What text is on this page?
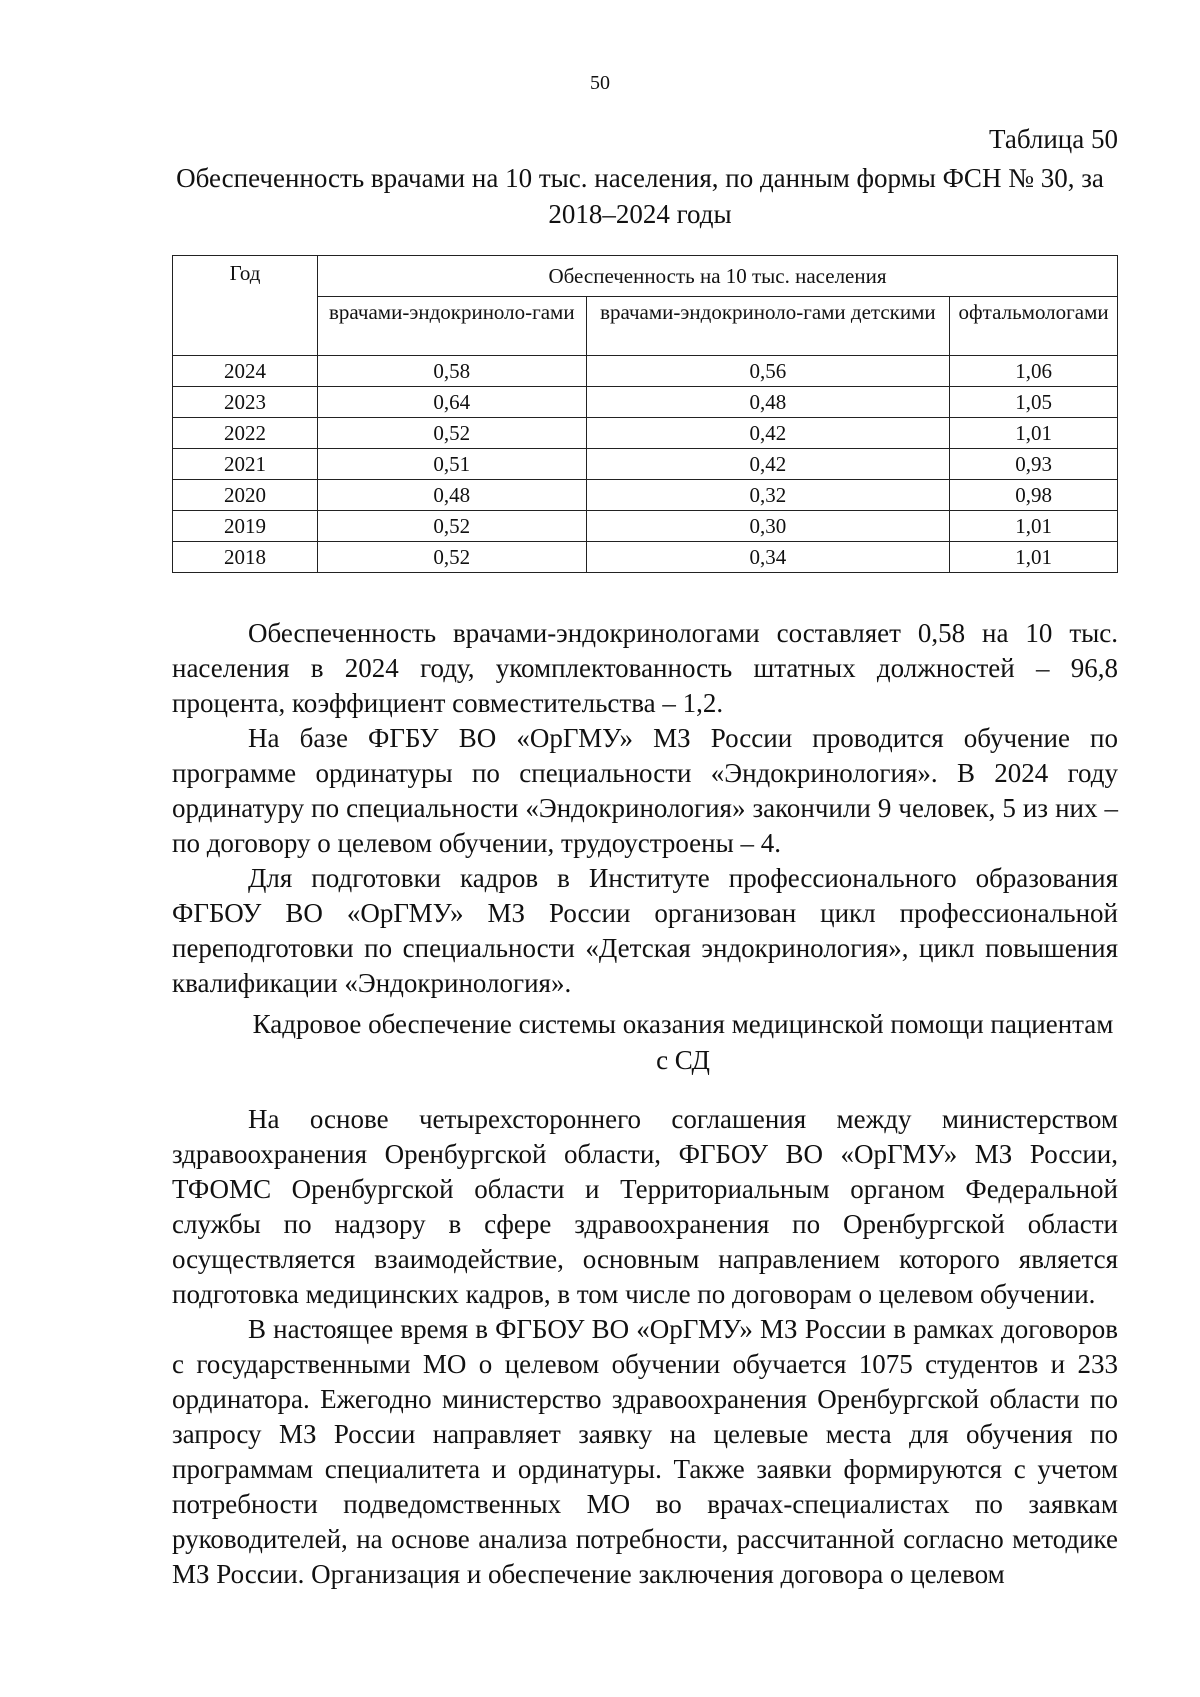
50
Таблица 50
Обеспеченность врачами на 10 тыс. населения, по данным формы ФСН № 30, за 2018–2024 годы
Год	Обеспеченность на 10 тыс. населения		
	врачами-эндокриноло-гами	врачами-эндокриноло-гами детскими	офтальмологами
2024	0,58	0,56	1,06
2023	0,64	0,48	1,05
2022	0,52	0,42	1,01
2021	0,51	0,42	0,93
2020	0,48	0,32	0,98
2019	0,52	0,30	1,01
2018	0,52	0,34	1,01

Обеспеченность врачами-эндокринологами составляет 0,58 на 10 тыс. населения в 2024 году, укомплектованность штатных должностей – 96,8 процента, коэффициент совместительства – 1,2.

На базе ФГБУ ВО «ОрГМУ» МЗ России проводится обучение по программе ординатуры по специальности «Эндокринология». В 2024 году ординатуру по специальности «Эндокринология» закончили 9 человек, 5 из них – по договору о целевом обучении, трудоустроены – 4.

Для подготовки кадров в Институте профессионального образования ФГБОУ ВО «ОрГМУ» МЗ России организован цикл профессиональной переподготовки по специальности «Детская эндокринология», цикл повышения квалификации «Эндокринология».

Кадровое обеспечение системы оказания медицинской помощи пациентам с СД

На основе четырехстороннего соглашения между министерством здравоохранения Оренбургской области, ФГБОУ ВО «ОрГМУ» МЗ России, ТФОМС Оренбургской области и Территориальным органом Федеральной службы по надзору в сфере здравоохранения по Оренбургской области осуществляется взаимодействие, основным направлением которого является подготовка медицинских кадров, в том числе по договорам о целевом обучении.

В настоящее время в ФГБОУ ВО «ОрГМУ» МЗ России в рамках договоров с государственными МО о целевом обучении обучается 1075 студентов и 233 ординатора. Ежегодно министерство здравоохранения Оренбургской области по запросу МЗ России направляет заявку на целевые места для обучения по программам специалитета и ординатуры. Также заявки формируются с учетом потребности подведомственных МО во врачах-специалистах по заявкам руководителей, на основе анализа потребности, рассчитанной согласно методике МЗ России. Организация и обеспечение заключения договора о целевом
